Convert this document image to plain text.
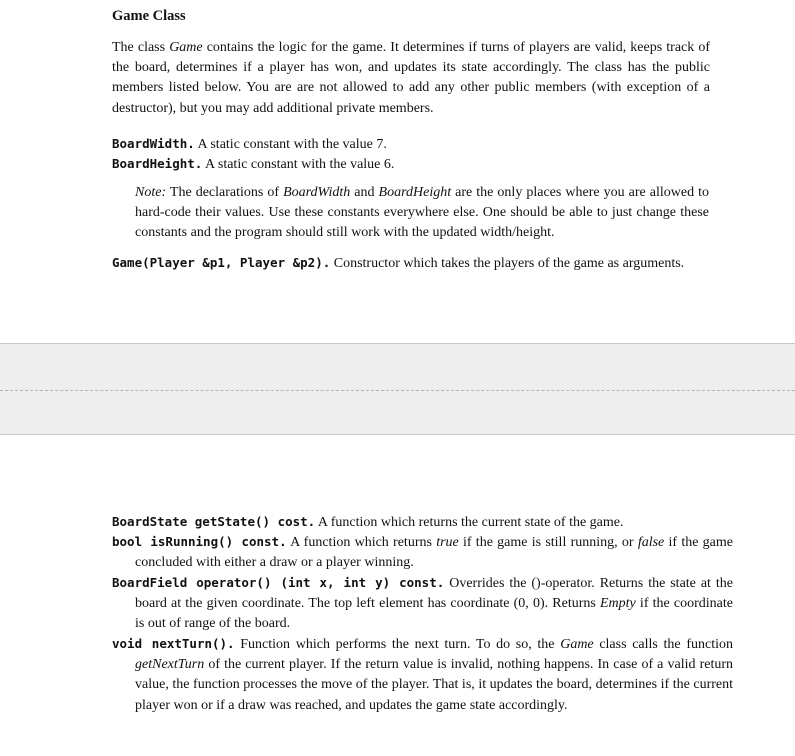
Game Class
The class Game contains the logic for the game. It determines if turns of players are valid, keeps track of the board, determines if a player has won, and updates its state accordingly. The class has the public members listed below. You are are not allowed to add any other public members (with exception of a destructor), but you may add additional private members.
BoardWidth. A static constant with the value 7.
BoardHeight. A static constant with the value 6.
Note: The declarations of BoardWidth and BoardHeight are the only places where you are allowed to hard-code their values. Use these constants everywhere else. One should be able to just change these constants and the program should still work with the updated width/height.
Game(Player &p1, Player &p2). Constructor which takes the players of the game as arguments.
BoardState getState() cost. A function which returns the current state of the game.
bool isRunning() const. A function which returns true if the game is still running, or false if the game concluded with either a draw or a player winning.
BoardField operator() (int x, int y) const. Overrides the ()-operator. Returns the state at the board at the given coordinate. The top left element has coordinate (0, 0). Returns Empty if the coordinate is out of range of the board.
void nextTurn(). Function which performs the next turn. To do so, the Game class calls the function getNextTurn of the current player. If the return value is invalid, nothing happens. In case of a valid return value, the function processes the move of the player. That is, it updates the board, determines if the current player won or if a draw was reached, and updates the game state accordingly.
